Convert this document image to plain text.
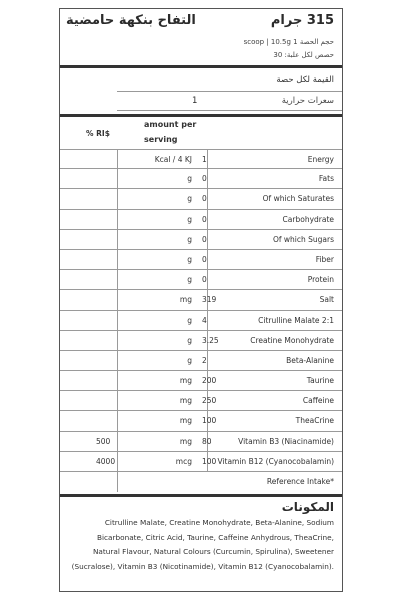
315 جرام
التفاح بنكهة حامضية
حجم الحصة 1 scoop | 10.5g
حصص لكل علبة: 30
القيمة لكل حصة
سعرات حرارية
1
% RI$
amount per serving
Kcal / 4 KJ 1	Energy
g 0	Fats
g 0	Of which Saturates
g 0	Carbohydrate
g 0	Of which Sugars
g 0	Fiber
g 0	Protein
mg 319	Salt
g 4	Citrulline Malate 2:1
g 3.25	Creatine Monohydrate
g 2	Beta-Alanine
mg 200	Taurine
mg 250	Caffeine
mg 100	TheaCrine
500	mg 80	Vitamin B3 (Niacinamide)
4000	mcg 100 Vitamin B12 (Cyanocobalamin)
Reference Intake*
المكونات
Citrulline Malate, Creatine Monohydrate, Beta-Alanine, Sodium Bicarbonate, Citric Acid, Taurine, Caffeine Anhydrous, TheaCrine, Natural Flavour, Natural Colours (Curcumin, Spirulina), Sweetener (Sucralose), Vitamin B3 (Nicotinamide), Vitamin B12 (Cyanocobalamin).
